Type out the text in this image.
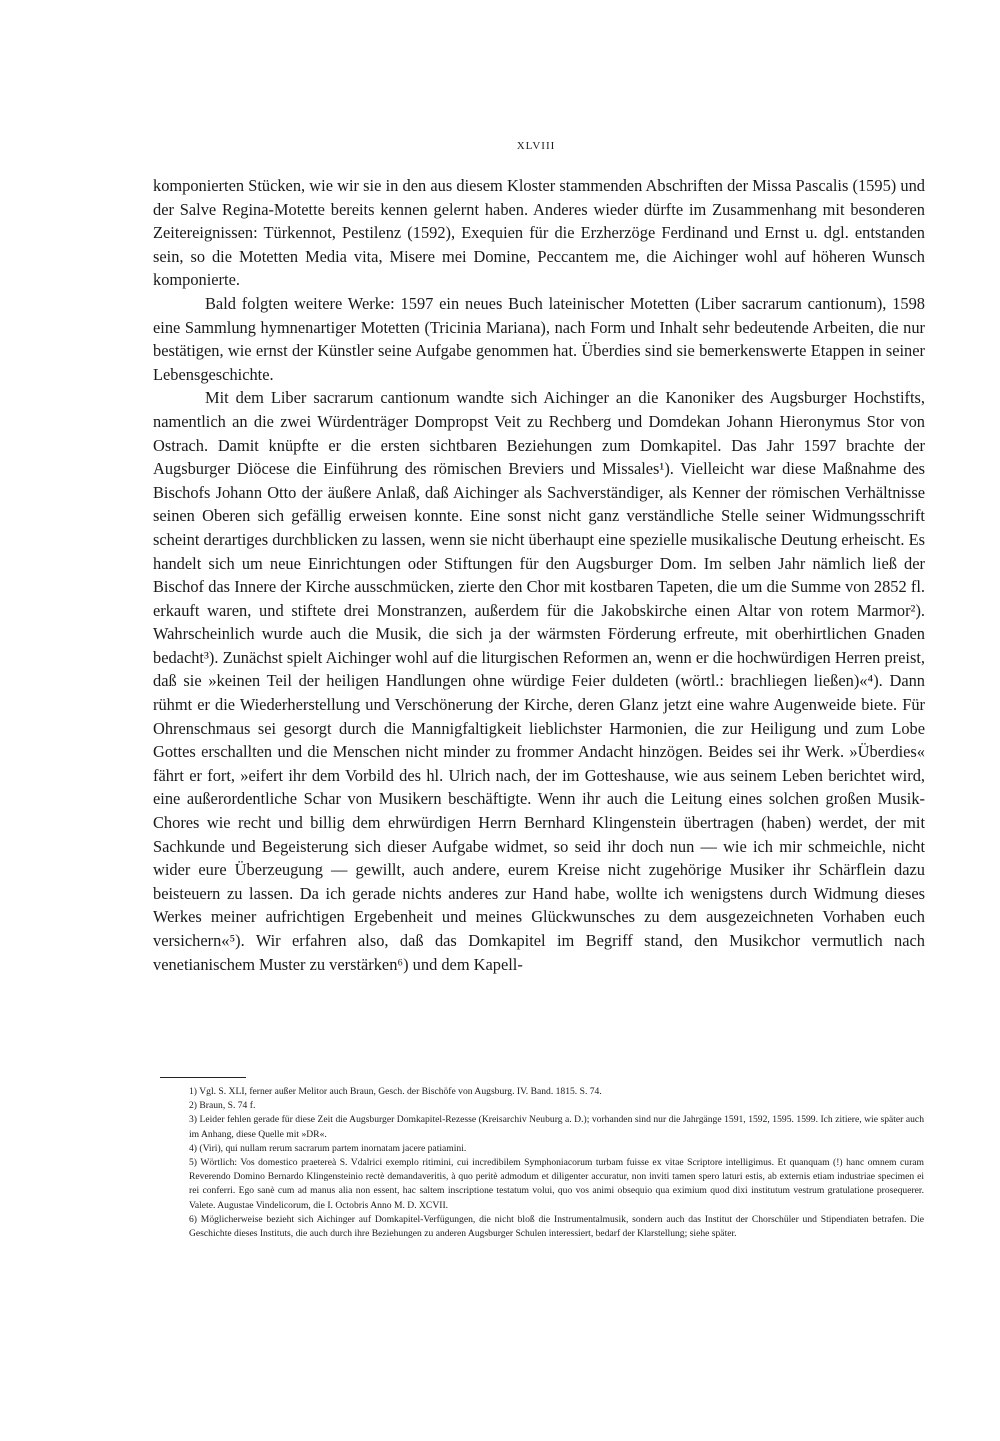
XLVIII

komponierten Stücken, wie wir sie in den aus diesem Kloster stammenden Abschriften der Missa Pascalis (1595) und der Salve Regina-Motette bereits kennen gelernt haben. Anderes wieder dürfte im Zusammenhang mit besonderen Zeitereignissen: Türkennot, Pestilenz (1592), Exequien für die Erzherzöge Ferdinand und Ernst u. dgl. entstanden sein, so die Motetten Media vita, Misere mei Domine, Peccantem me, die Aichinger wohl auf höheren Wunsch komponierte.

Bald folgten weitere Werke: 1597 ein neues Buch lateinischer Motetten (Liber sacrarum cantionum), 1598 eine Sammlung hymnenartiger Motetten (Tricinia Mariana), nach Form und Inhalt sehr bedeutende Arbeiten, die nur bestätigen, wie ernst der Künstler seine Aufgabe genommen hat. Überdies sind sie bemerkenswerte Etappen in seiner Lebensgeschichte.

Mit dem Liber sacrarum cantionum wandte sich Aichinger an die Kanoniker des Augsburger Hochstifts, namentlich an die zwei Würdenträger Dompropst Veit zu Rechberg und Domdekan Johann Hieronymus Stor von Ostrach. Damit knüpfte er die ersten sichtbaren Beziehungen zum Domkapitel. Das Jahr 1597 brachte der Augsburger Diöcese die Einführung des römischen Breviers und Missales¹). Vielleicht war diese Maßnahme des Bischofs Johann Otto der äußere Anlaß, daß Aichinger als Sachverständiger, als Kenner der römischen Verhältnisse seinen Oberen sich gefällig erweisen konnte. Eine sonst nicht ganz verständliche Stelle seiner Widmungsschrift scheint derartiges durchblicken zu lassen, wenn sie nicht überhaupt eine spezielle musikalische Deutung erheischt. Es handelt sich um neue Einrichtungen oder Stiftungen für den Augsburger Dom. Im selben Jahr nämlich ließ der Bischof das Innere der Kirche ausschmücken, zierte den Chor mit kostbaren Tapeten, die um die Summe von 2852 fl. erkauft waren, und stiftete drei Monstranzen, außerdem für die Jakobskirche einen Altar von rotem Marmor²). Wahrscheinlich wurde auch die Musik, die sich ja der wärmsten Förderung erfreute, mit oberhirtlichen Gnaden bedacht³). Zunächst spielt Aichinger wohl auf die liturgischen Reformen an, wenn er die hochwürdigen Herren preist, daß sie »keinen Teil der heiligen Handlungen ohne würdige Feier duldeten (wörtl.: brachliegen ließen)«⁴). Dann rühmt er die Wiederherstellung und Verschönerung der Kirche, deren Glanz jetzt eine wahre Augenweide biete. Für Ohrenschmaus sei gesorgt durch die Mannigfaltigkeit lieblichster Harmonien, die zur Heiligung und zum Lobe Gottes erschallten und die Menschen nicht minder zu frommer Andacht hinzögen. Beides sei ihr Werk. »Überdies« fährt er fort, »eifert ihr dem Vorbild des hl. Ulrich nach, der im Gotteshause, wie aus seinem Leben berichtet wird, eine außerordentliche Schar von Musikern beschäftigte. Wenn ihr auch die Leitung eines solchen großen Musik-Chores wie recht und billig dem ehrwürdigen Herrn Bernhard Klingenstein übertragen (haben) werdet, der mit Sachkunde und Begeisterung sich dieser Aufgabe widmet, so seid ihr doch nun — wie ich mir schmeichle, nicht wider eure Überzeugung — gewillt, auch andere, eurem Kreise nicht zugehörige Musiker ihr Schärflein dazu beisteuern zu lassen. Da ich gerade nichts anderes zur Hand habe, wollte ich wenigstens durch Widmung dieses Werkes meiner aufrichtigen Ergebenheit und meines Glückwunsches zu dem ausgezeichneten Vorhaben euch versichern«⁵). Wir erfahren also, daß das Domkapitel im Begriff stand, den Musikchor vermutlich nach venetianischem Muster zu verstärken⁶) und dem Kapell-

1) Vgl. S. XLI, ferner außer Melitor auch Braun, Gesch. der Bischöfe von Augsburg. IV. Band. 1815. S. 74.

2) Braun, S. 74 f.

3) Leider fehlen gerade für diese Zeit die Augsburger Domkapitel-Rezesse (Kreisarchiv Neuburg a. D.); vorhanden sind nur die Jahrgänge 1591, 1592, 1595. 1599. Ich zitiere, wie später auch im Anhang, diese Quelle mit »DR«.

4) (Viri), qui nullam rerum sacrarum partem inornatam jacere patiamini.

5) Wörtlich: Vos domestico praetereà S. Vdalrici exemplo ritimini, cui incredibilem Symphoniacorum turbam fuisse ex vitae Scriptore intelligimus. Et quanquam (!) hanc omnem curam Reverendo Domino Bernardo Klingensteinio rectè demandaveritis, à quo peritè admodum et diligenter accuratur, non inviti tamen spero laturi estis, ab externis etiam industriae specimen ei rei conferri. Ego sanè cum ad manus alia non essent, hac saltem inscriptione testatum volui, quo vos animi obsequio qua eximium quod dixi institutum vestrum gratulatione prosequerer. Valete. Augustae Vindelicorum, die I. Octobris Anno M. D. XCVII.

6) Möglicherweise bezieht sich Aichinger auf Domkapitel-Verfügungen, die nicht bloß die Instrumentalmusik, sondern auch das Institut der Chorschüler und Stipendiaten betrafen. Die Geschichte dieses Instituts, die auch durch ihre Beziehungen zu anderen Augsburger Schulen interessiert, bedarf der Klarstellung; siehe später.
